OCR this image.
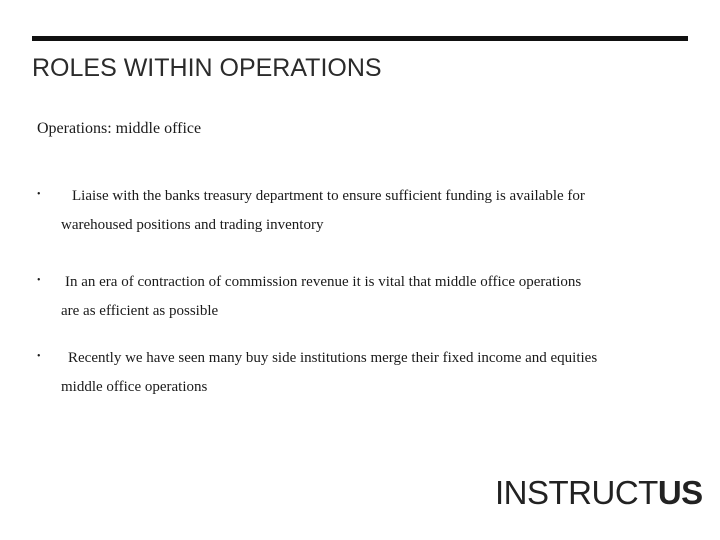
ROLES WITHIN OPERATIONS
Operations: middle office
• Liaise with the banks treasury department to ensure sufficient funding is available for
warehoused positions and trading inventory
• In an era of contraction of commission revenue it is vital that middle office operations
are as efficient as possible
• Recently we have seen many buy side institutions merge their fixed income and equities
middle office operations
INSTRUCTUS
